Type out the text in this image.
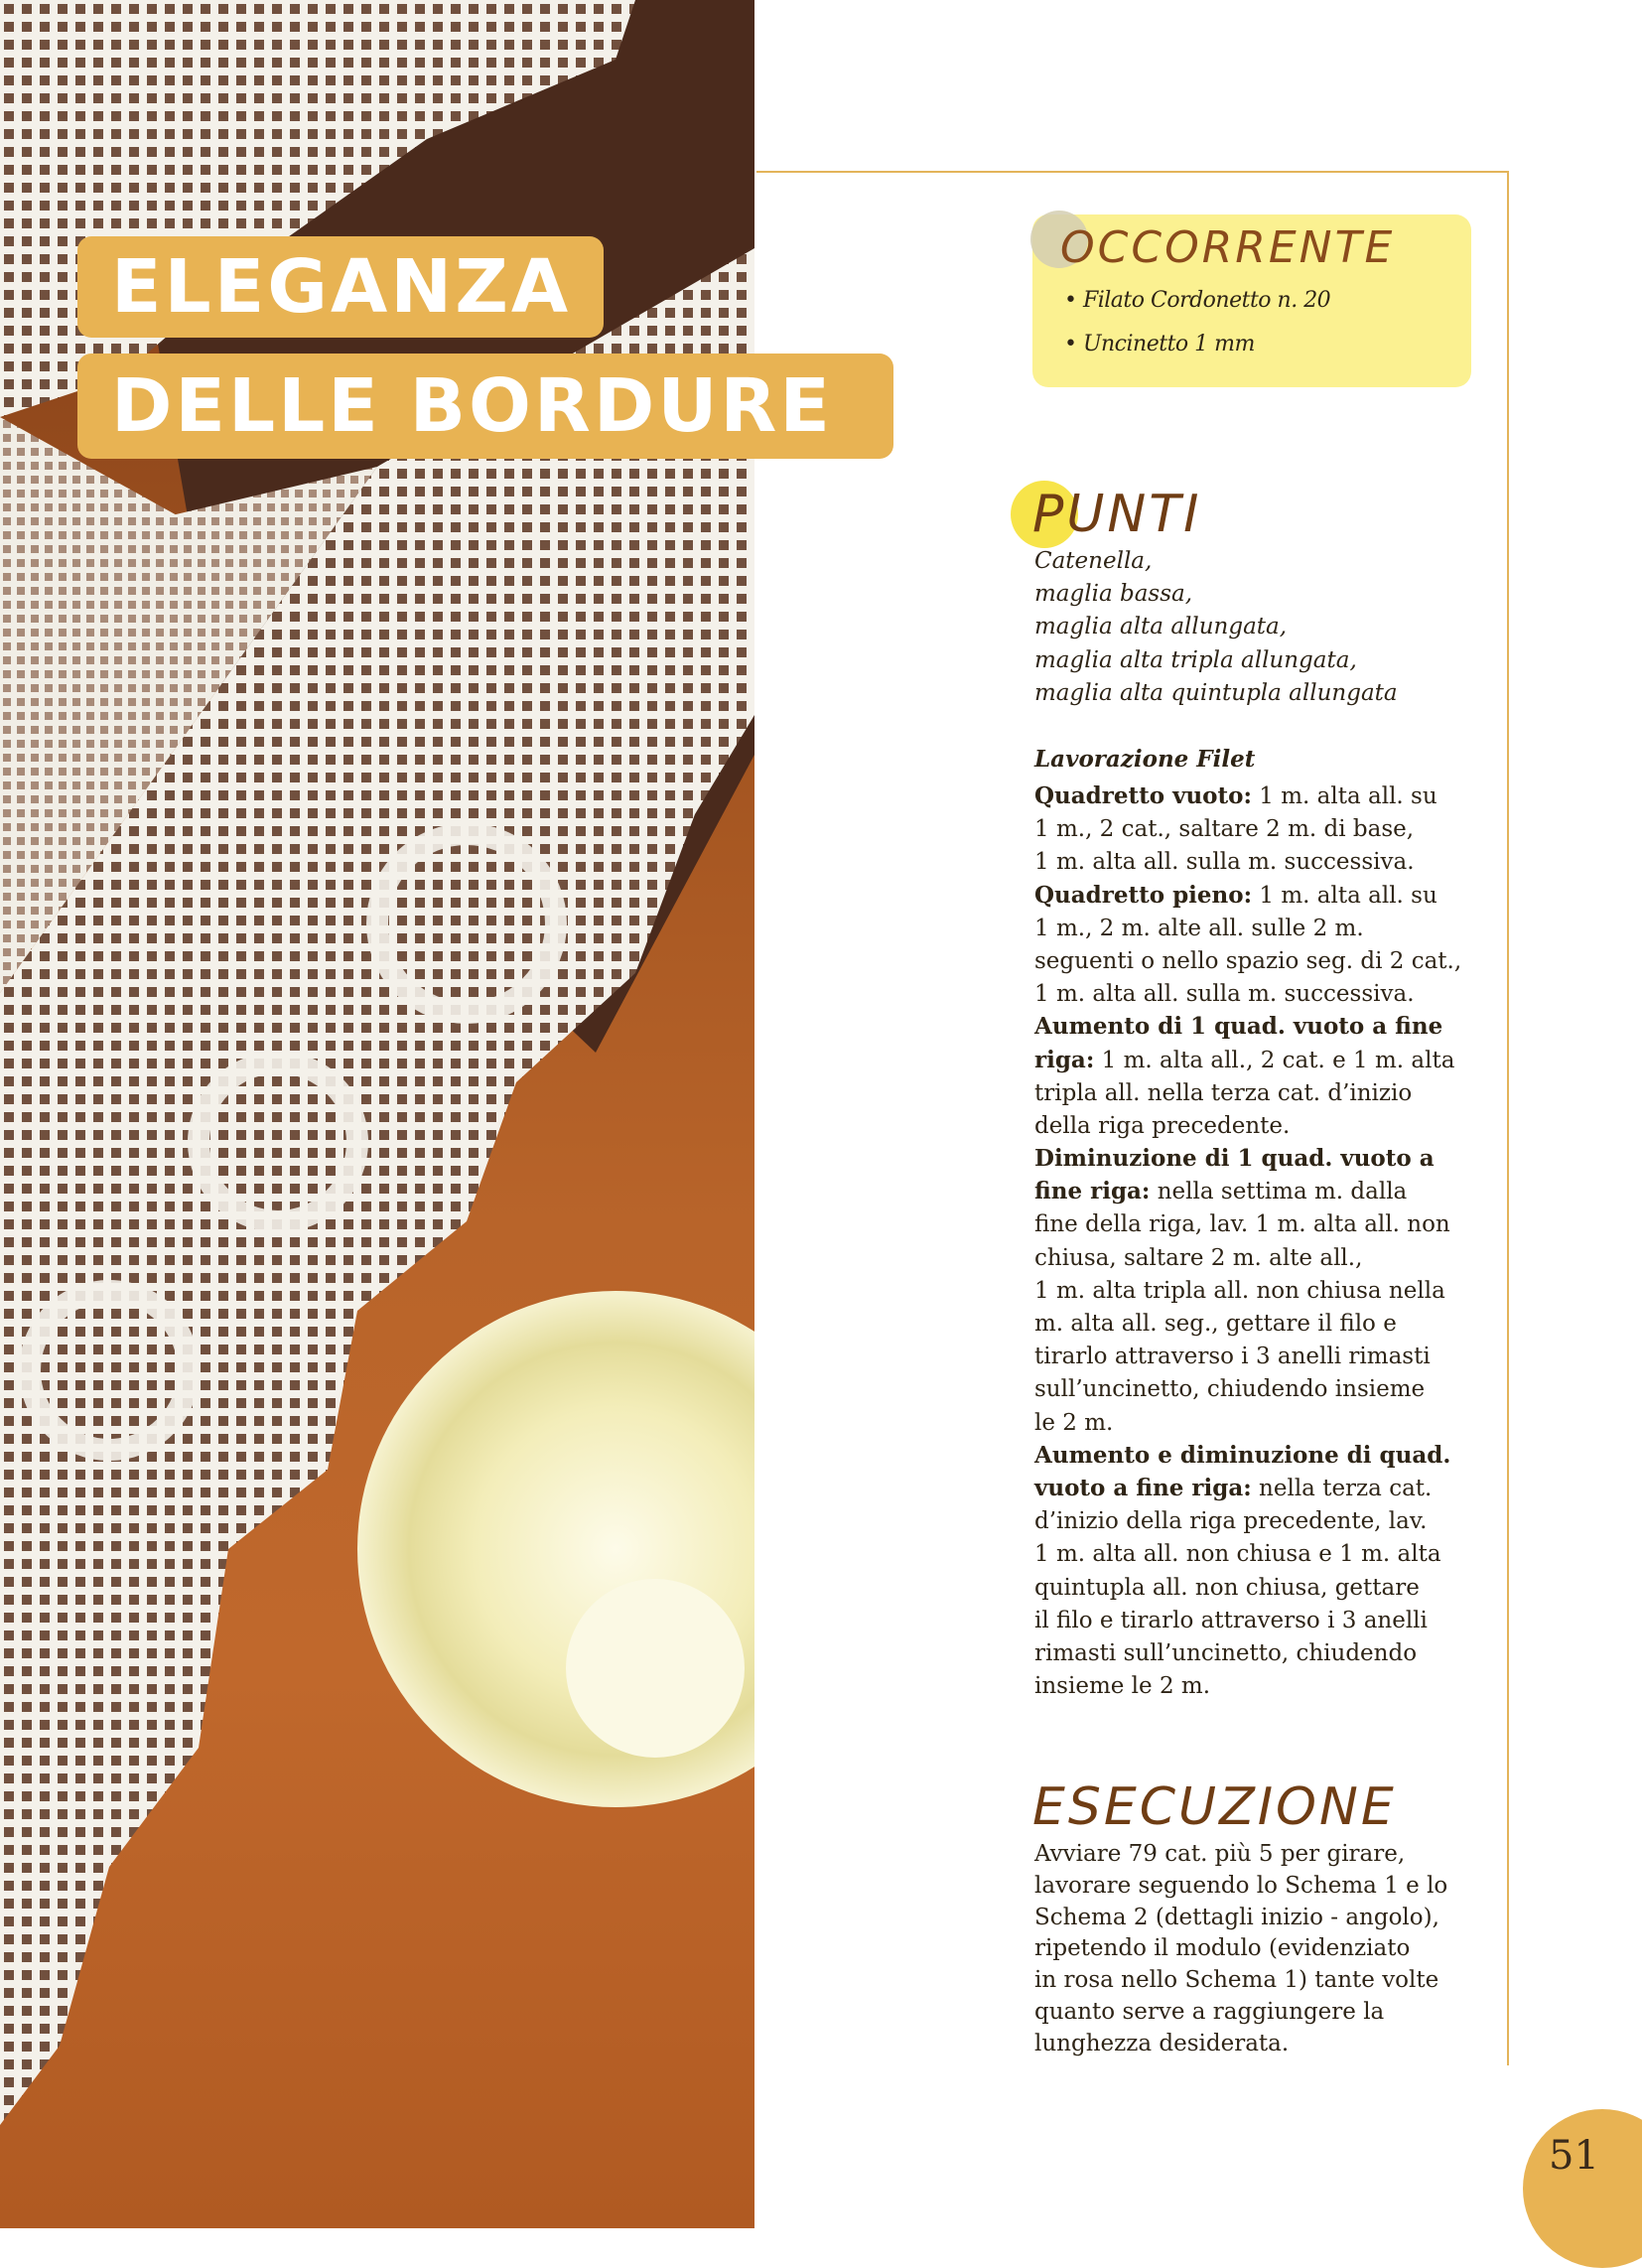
ELEGANZA
DELLE BORDURE
OCCORRENTE
• Filato Cordonetto n. 20
• Uncinetto 1 mm
PUNTI
Catenella,
maglia bassa,
maglia alta allungata,
maglia alta tripla allungata,
maglia alta quintupla allungata
Lavorazione Filet
Quadretto vuoto: 1 m. alta all. su
1 m., 2 cat., saltare 2 m. di base,
1 m. alta all. sulla m. successiva.
Quadretto pieno: 1 m. alta all. su
1 m., 2 m. alte all. sulle 2 m.
seguenti o nello spazio seg. di 2 cat.,
1 m. alta all. sulla m. successiva.
Aumento di 1 quad. vuoto a fine
riga: 1 m. alta all., 2 cat. e 1 m. alta
tripla all. nella terza cat. d’inizio
della riga precedente.
Diminuzione di 1 quad. vuoto a
fine riga: nella settima m. dalla
fine della riga, lav. 1 m. alta all. non
chiusa, saltare 2 m. alte all.,
1 m. alta tripla all. non chiusa nella
m. alta all. seg., gettare il filo e
tirarlo attraverso i 3 anelli rimasti
sull’uncinetto, chiudendo insieme
le 2 m.
Aumento e diminuzione di quad.
vuoto a fine riga: nella terza cat.
d’inizio della riga precedente, lav.
1 m. alta all. non chiusa e 1 m. alta
quintupla all. non chiusa, gettare
il filo e tirarlo attraverso i 3 anelli
rimasti sull’uncinetto, chiudendo
insieme le 2 m.
ESECUZIONE
Avviare 79 cat. più 5 per girare,
lavorare seguendo lo Schema 1 e lo
Schema 2 (dettagli inizio - angolo),
ripetendo il modulo (evidenziato
in rosa nello Schema 1) tante volte
quanto serve a raggiungere la
lunghezza desiderata.
51
